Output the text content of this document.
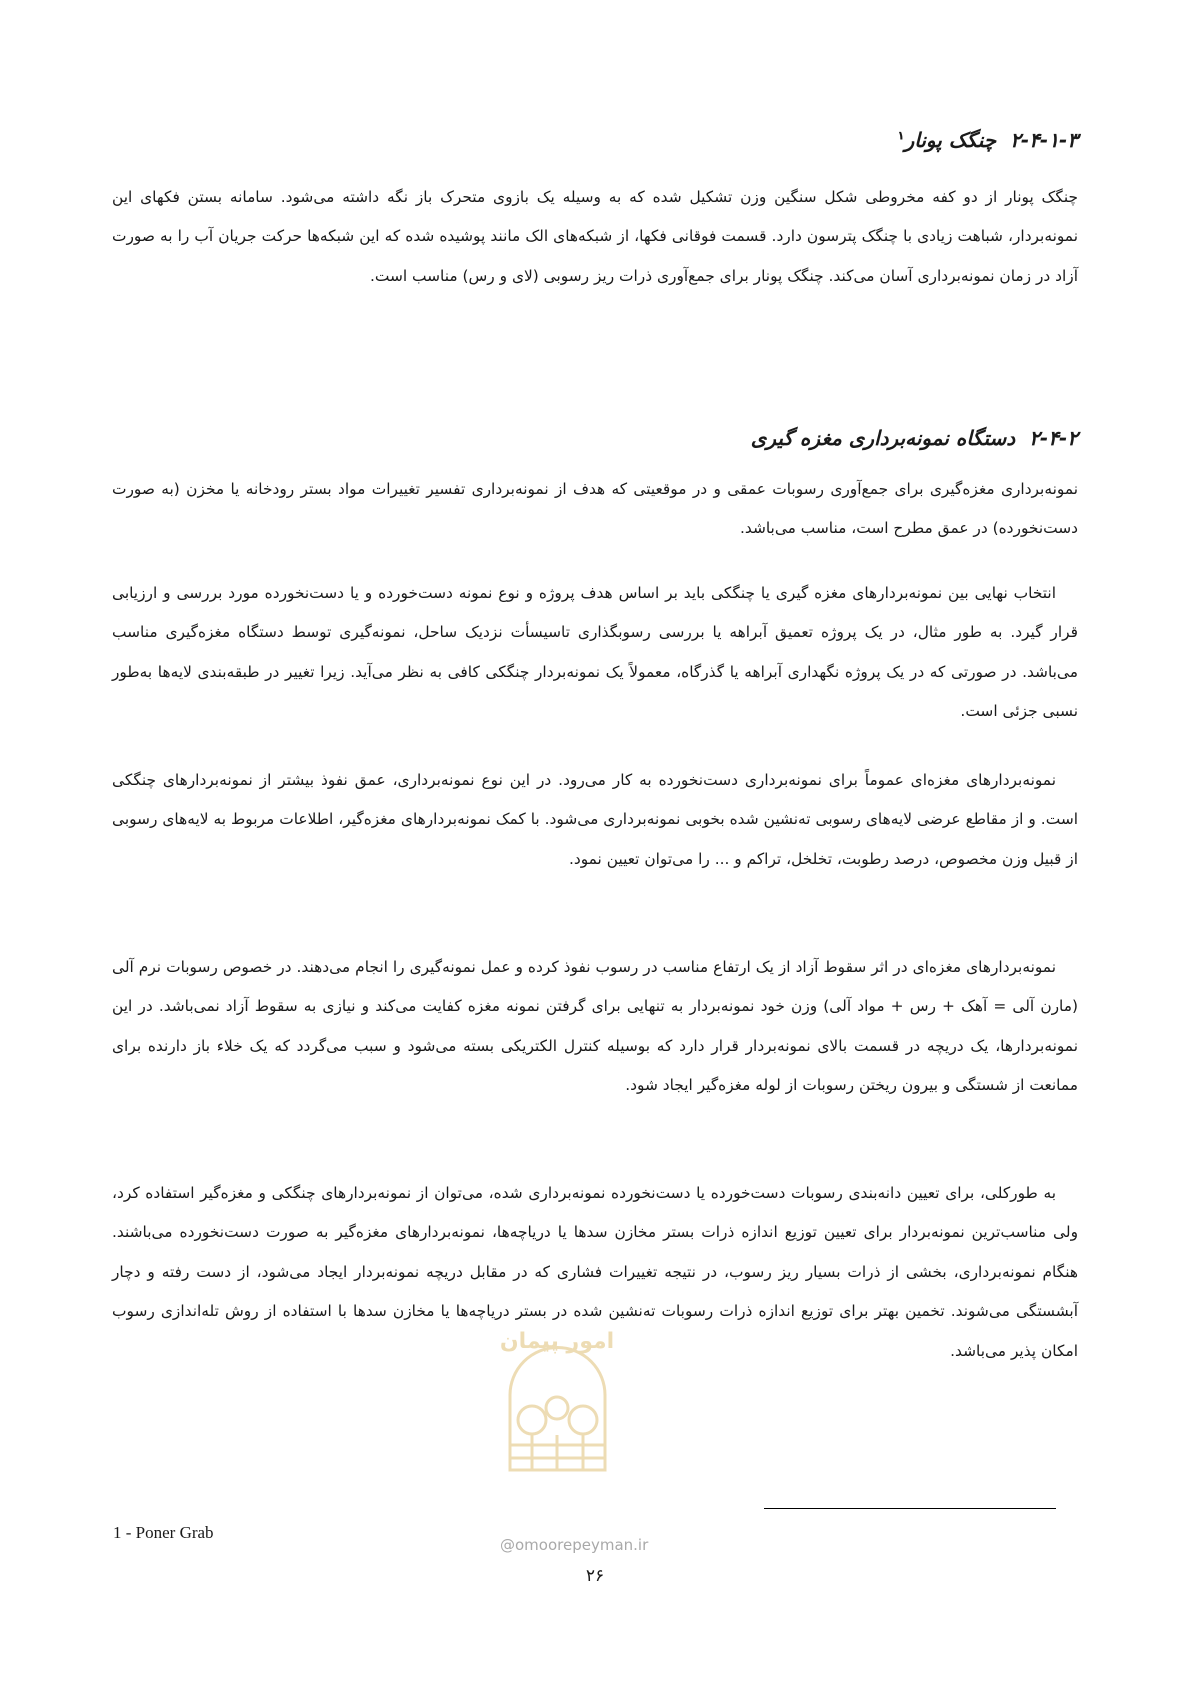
۲-۴-۱-۳چنگک پونار$^۱$

چنگک پونار از دو کفه مخروطی شکل سنگین وزن تشکیل شده که به وسیله یک بازوی متحرک باز نگه داشته می‌شود. سامانه بستن فکهای این نمونه‌بردار، شباهت زیادی با چنگک پترسون دارد. قسمت فوقانی فکها، از شبکه‌های الک مانند پوشیده شده که این شبکه‌ها حرکت جریان آب را به صورت آزاد در زمان نمونه‌برداری آسان می‌کند. چنگک پونار برای جمع‌آوری ذرات ریز رسوبی (لای و رس) مناسب است.

۲-۴-۲دستگاه نمونه‌برداری مغزه گیری

نمونه‌برداری مغزه‌گیری برای جمع‌آوری رسوبات عمقی و در موقعیتی که هدف از نمونه‌برداری تفسیر تغییرات مواد بستر رودخانه یا مخزن (به صورت دست‌نخورده) در عمق مطرح است، مناسب می‌باشد.

انتخاب نهایی بین نمونه‌بردارهای مغزه گیری یا چنگکی باید بر اساس هدف پروژه و نوع نمونه دست‌خورده و یا دست‌نخورده مورد بررسی و ارزیابی قرار گیرد. به طور مثال، در یک پروژه تعمیق آبراهه یا بررسی رسوبگذاری تاسیسأت نزدیک ساحل، نمونه‌گیری توسط دستگاه مغزه‌گیری مناسب می‌باشد. در صورتی که در یک پروژه نگهداری آبراهه یا گذرگاه، معمولاً یک نمونه‌بردار چنگکی کافی به نظر می‌آید. زیرا تغییر در طبقه‌بندی لایه‌ها به‌طور نسبی جزئی است.

نمونه‌بردارهای مغزه‌ای عموماً برای نمونه‌برداری دست‌نخورده به کار می‌رود. در این نوع نمونه‌برداری، عمق نفوذ بیشتر از نمونه‌بردارهای چنگکی است. و از مقاطع عرضی لایه‌های رسوبی ته‌نشین شده بخوبی نمونه‌برداری می‌شود. با کمک نمونه‌بردارهای مغزه‌گیر، اطلاعات مربوط به لایه‌های رسوبی از قبیل وزن مخصوص، درصد رطوبت، تخلخل، تراکم و ... را می‌توان تعیین نمود.

نمونه‌بردارهای مغزه‌ای در اثر سقوط آزاد از یک ارتفاع مناسب در رسوب نفوذ کرده و عمل نمونه‌گیری را انجام می‌دهند. در خصوص رسوبات نرم آلی (مارن آلی = آهک + رس + مواد آلی) وزن خود نمونه‌بردار به تنهایی برای گرفتن نمونه مغزه کفایت می‌کند و نیازی به سقوط آزاد نمی‌باشد. در این نمونه‌بردارها، یک دریچه در قسمت بالای نمونه‌بردار قرار دارد که بوسیله کنترل الکتریکی بسته می‌شود و سبب می‌گردد که یک خلاء باز دارنده برای ممانعت از شستگی و بیرون ریختن رسوبات از لوله مغزه‌گیر ایجاد شود.

به طورکلی، برای تعیین دانه‌بندی رسوبات دست‌خورده یا دست‌نخورده نمونه‌برداری شده، می‌توان از نمونه‌بردارهای چنگکی و مغزه‌گیر استفاده کرد، ولی مناسب‌ترین نمونه‌بردار برای تعیین توزیع اندازه ذرات بستر مخازن سدها یا دریاچه‌ها، نمونه‌بردارهای مغزه‌گیر به صورت دست‌نخورده می‌باشند. هنگام نمونه‌برداری، بخشی از ذرات بسیار ریز رسوب، در نتیجه تغییرات فشاری که در مقابل دریچه نمونه‌بردار ایجاد می‌شود، از دست رفته و دچار آبشستگی می‌شوند. تخمین بهتر برای توزیع اندازه ذرات رسوبات ته‌نشین شده در بستر دریاچه‌ها یا مخازن سدها با استفاده از روش تله‌اندازی رسوب امکان پذیر می‌باشد.

امور پیمان
@omoorepeyman.ir
1 - Poner Grab
۲۶
